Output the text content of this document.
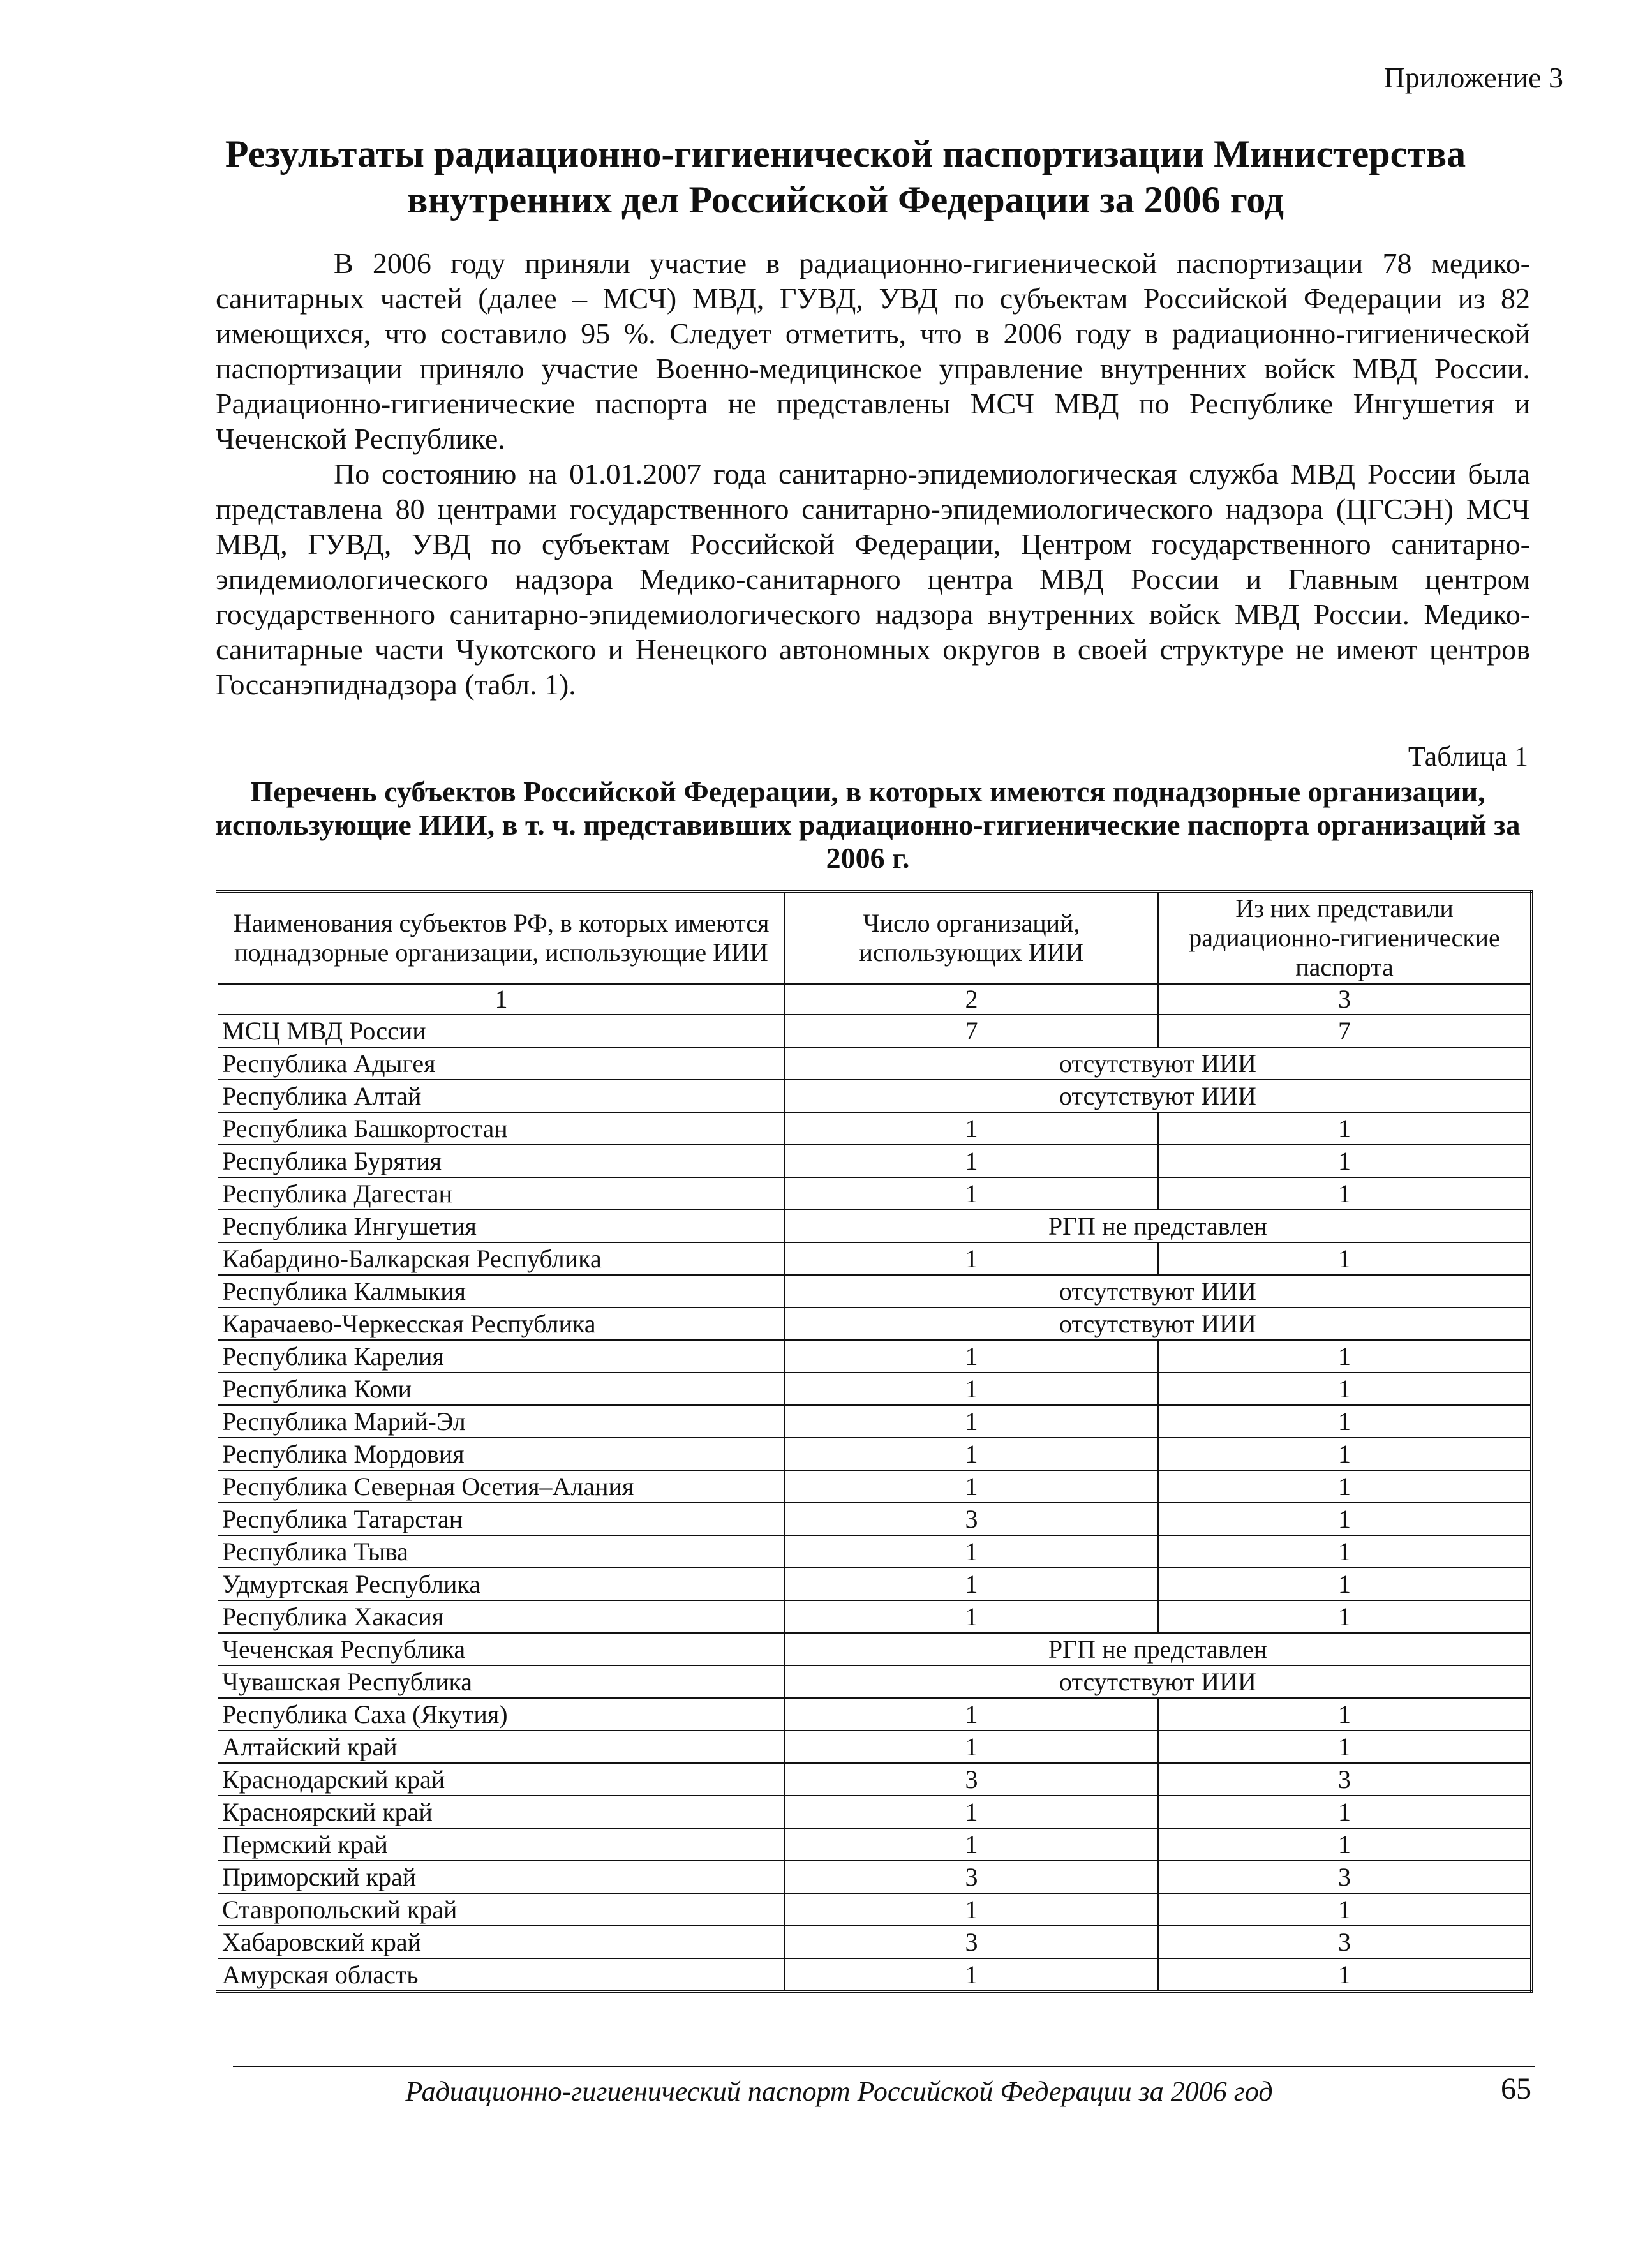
Приложение 3
Результаты радиационно-гигиенической паспортизации Министерства внутренних дел Российской Федерации за 2006 год

В 2006 году приняли участие в радиационно-гигиенической паспортизации 78 медико-санитарных частей (далее – МСЧ) МВД, ГУВД, УВД по субъектам Российской Федерации из 82 имеющихся, что составило 95 %. Следует отметить, что в 2006 году в радиационно-гигиенической паспортизации приняло участие Военно-медицинское управление внутренних войск МВД России. Радиационно-гигиенические паспорта не представлены МСЧ МВД по Республике Ингушетия и Чеченской Республике.

По состоянию на 01.01.2007 года санитарно-эпидемиологическая служба МВД России была представлена 80 центрами государственного санитарно-эпидемиологического надзора (ЦГСЭН) МСЧ МВД, ГУВД, УВД по субъектам Российской Федерации, Центром государственного санитарно-эпидемиологического надзора Медико-санитарного центра МВД России и Главным центром государственного санитарно-эпидемиологического надзора внутренних войск МВД России. Медико-санитарные части Чукотского и Ненецкого автономных округов в своей структуре не имеют центров Госсанэпиднадзора (табл. 1).

Таблица 1
Перечень субъектов Российской Федерации, в которых имеются поднадзорные организации, использующие ИИИ, в т. ч. представивших радиационно-гигиенические паспорта организаций за 2006 г.
Наименования субъектов РФ, в которых имеются поднадзорные организации, использующие ИИИ	Число организаций, использующих ИИИ	Из них представили радиационно-гигиенические паспорта
1	2	3
МСЦ МВД России	7	7
Республика Адыгея	отсутствуют ИИИ	
Республика Алтай	отсутствуют ИИИ	
Республика Башкортостан	1	1
Республика Бурятия	1	1
Республика Дагестан	1	1
Республика Ингушетия	РГП не представлен	
Кабардино-Балкарская Республика	1	1
Республика Калмыкия	отсутствуют ИИИ	
Карачаево-Черкесская Республика	отсутствуют ИИИ	
Республика Карелия	1	1
Республика Коми	1	1
Республика Марий-Эл	1	1
Республика Мордовия	1	1
Республика Северная Осетия–Алания	1	1
Республика Татарстан	3	1
Республика Тыва	1	1
Удмуртская Республика	1	1
Республика Хакасия	1	1
Чеченская Республика	РГП не представлен	
Чувашская Республика	отсутствуют ИИИ	
Республика Саха (Якутия)	1	1
Алтайский край	1	1
Краснодарский край	3	3
Красноярский край	1	1
Пермский край	1	1
Приморский край	3	3
Ставропольский край	1	1
Хабаровский край	3	3
Амурская область	1	1
Радиационно-гигиенический паспорт Российской Федерации за 2006 год	65
